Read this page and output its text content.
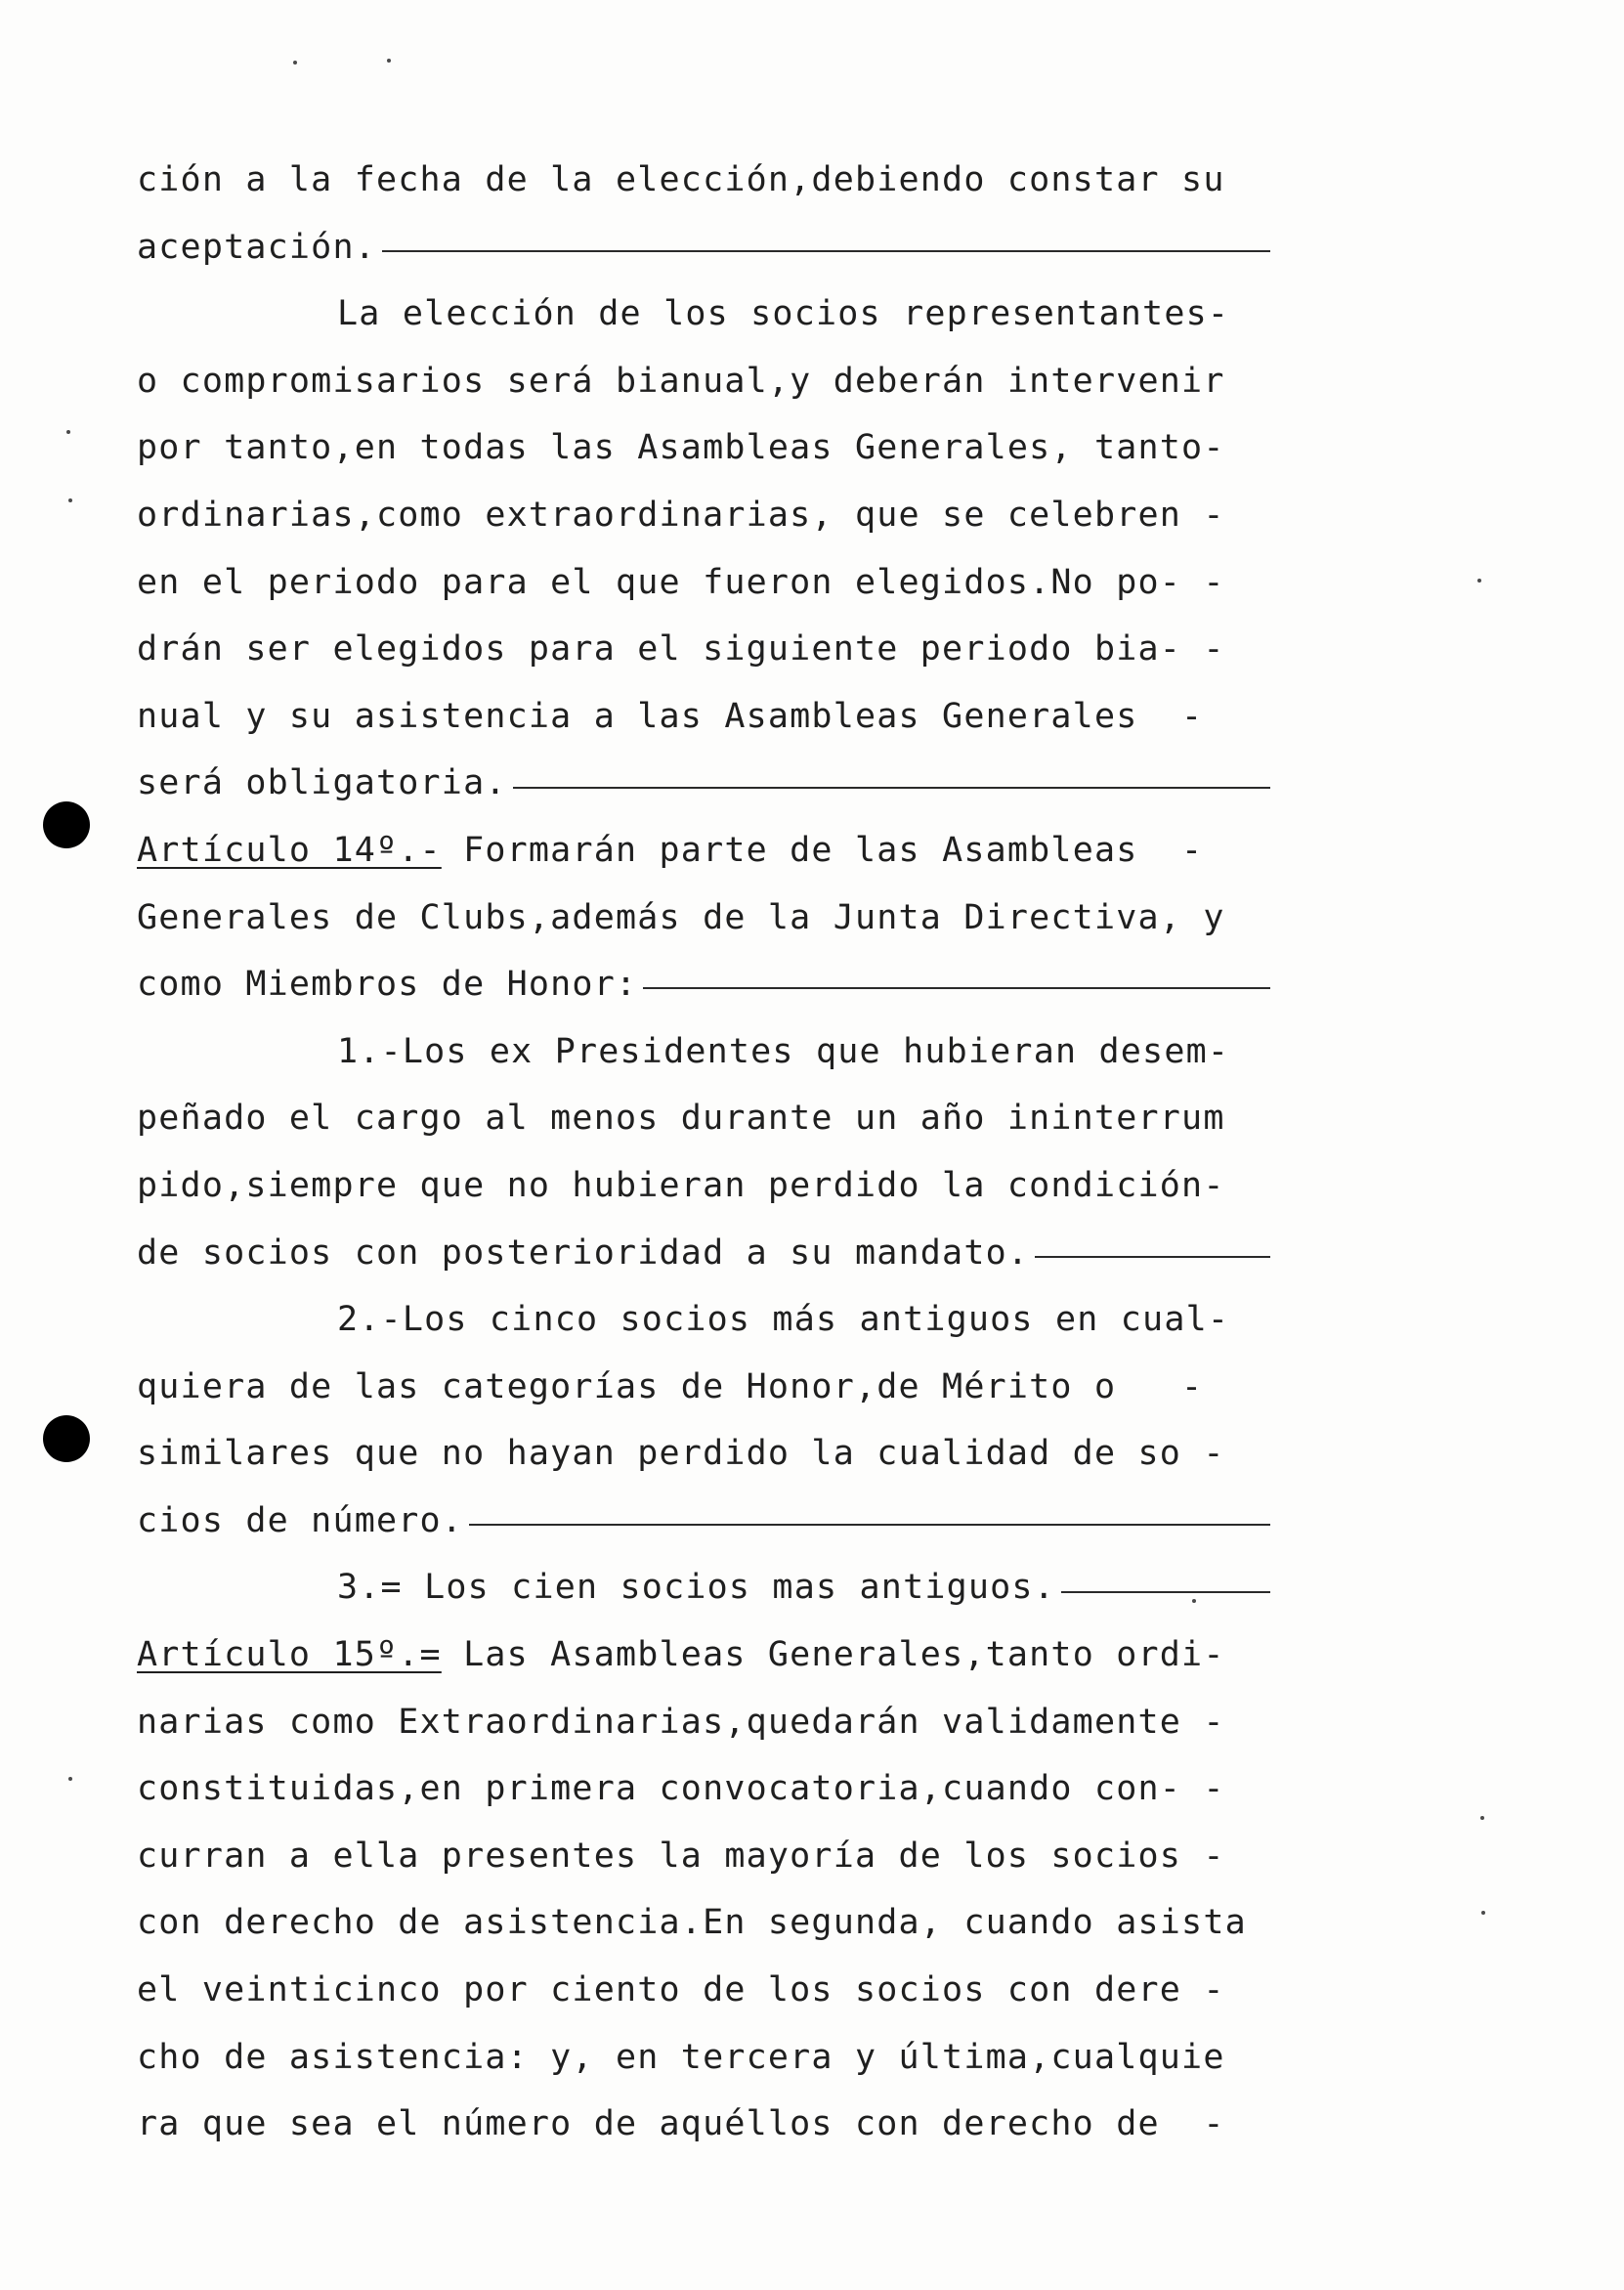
ción a la fecha de la elección,debiendo constar su
aceptación.
La elección de los socios representantes-
o compromisarios será bianual,y deberán intervenir
por tanto,en todas las Asambleas Generales, tanto-
ordinarias,como extraordinarias, que se celebren -
en el periodo para el que fueron elegidos.No po- -
drán ser elegidos para el siguiente periodo bia- -
nual y su asistencia a las Asambleas Generales  -
será obligatoria.
Artículo 14º.- Formarán parte de las Asambleas  -
Generales de Clubs,además de la Junta Directiva, y
como Miembros de Honor:
1.-Los ex Presidentes que hubieran desem-
peñado el cargo al menos durante un año ininterrum
pido,siempre que no hubieran perdido la condición-
de socios con posterioridad a su mandato.
2.-Los cinco socios más antiguos en cual-
quiera de las categorías de Honor,de Mérito o   -
similares que no hayan perdido la cualidad de so -
cios de número.
3.= Los cien socios mas antiguos.
Artículo 15º.= Las Asambleas Generales,tanto ordi-
narias como Extraordinarias,quedarán validamente -
constituidas,en primera convocatoria,cuando con- -
curran a ella presentes la mayoría de los socios -
con derecho de asistencia.En segunda, cuando asista
el veinticinco por ciento de los socios con dere -
cho de asistencia: y, en tercera y última,cualquie
ra que sea el número de aquéllos con derecho de  -
